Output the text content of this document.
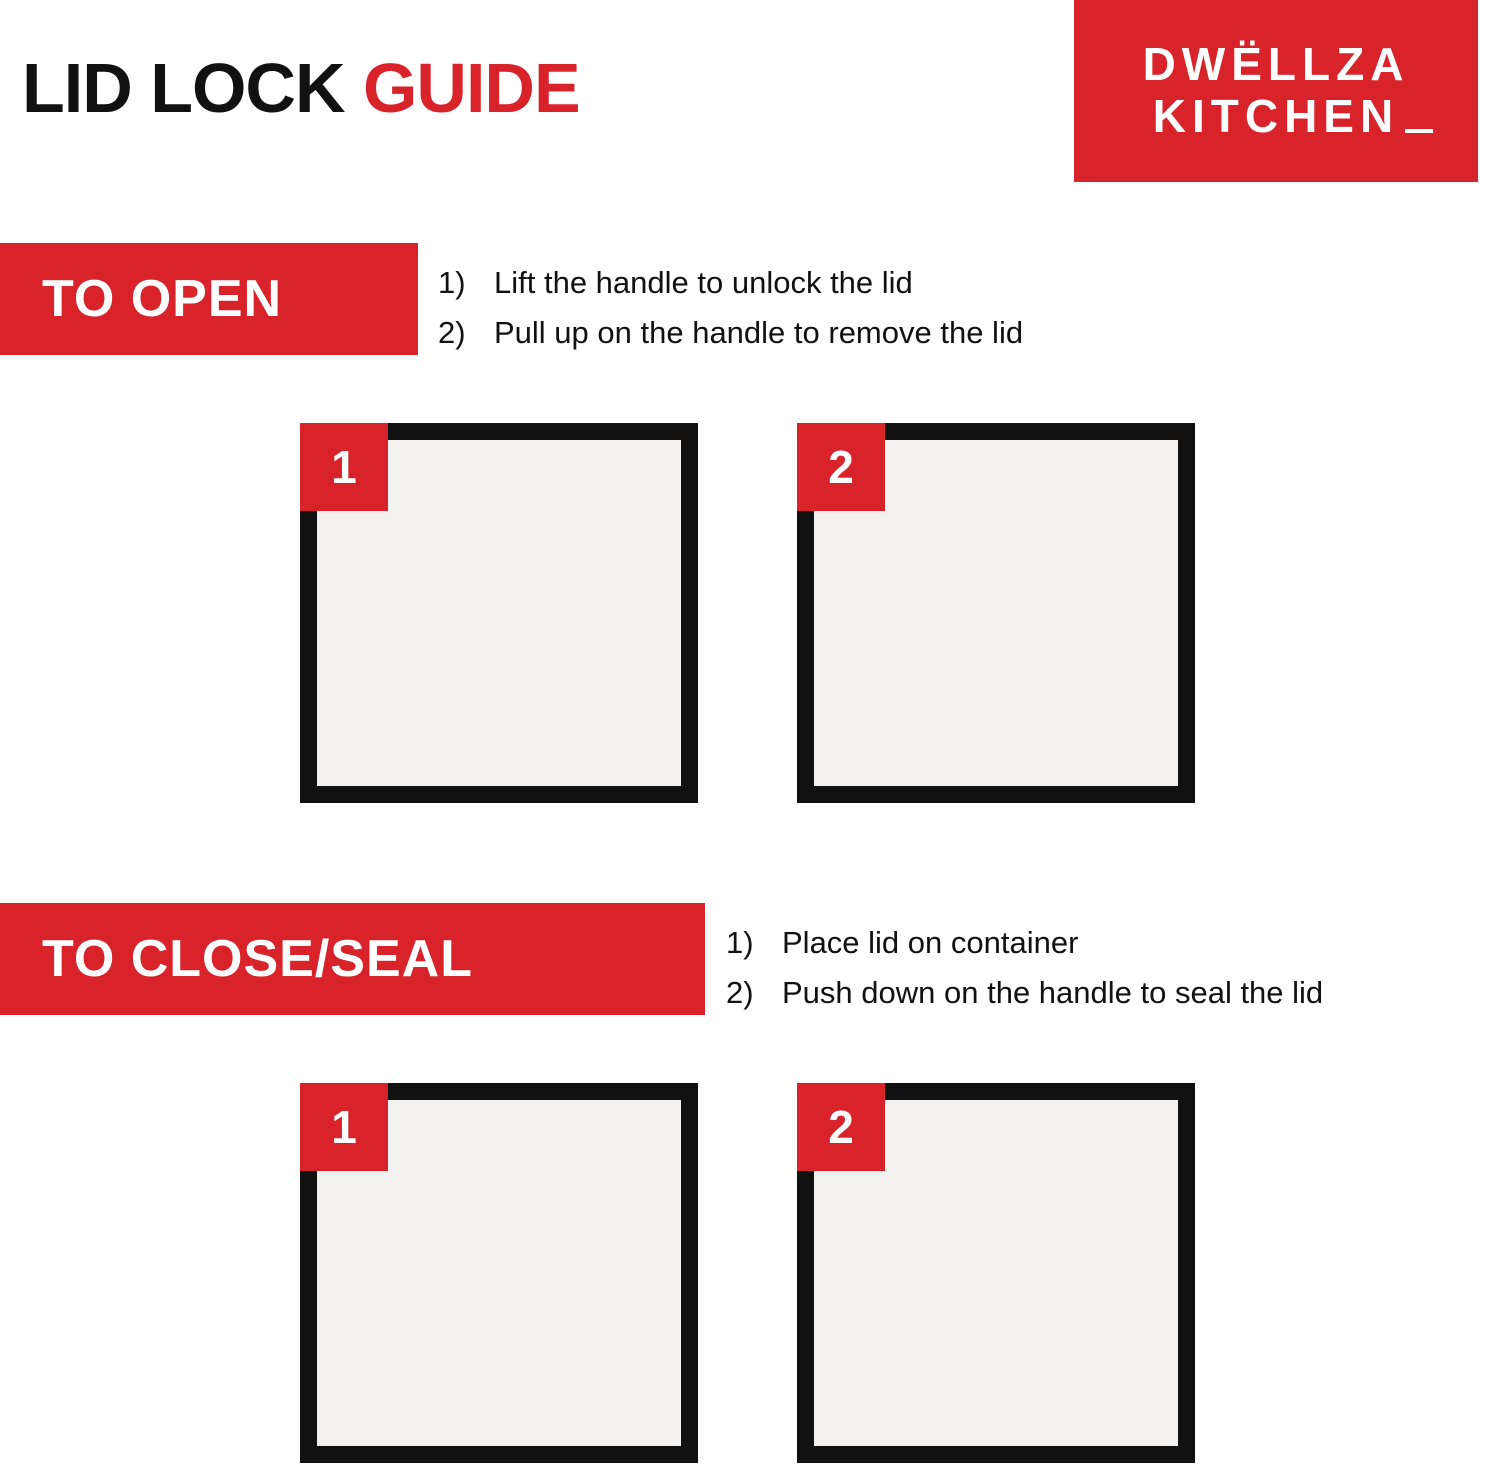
LID LOCK GUIDE	DWËLLZA
KITCHEN
TO OPEN	1) Lift the handle to unlock the lid
2) Pull up on the handle to remove the lid
1	2
TO CLOSE/SEAL	1) Place lid on container
2) Push down on the handle to seal the lid
1	2
